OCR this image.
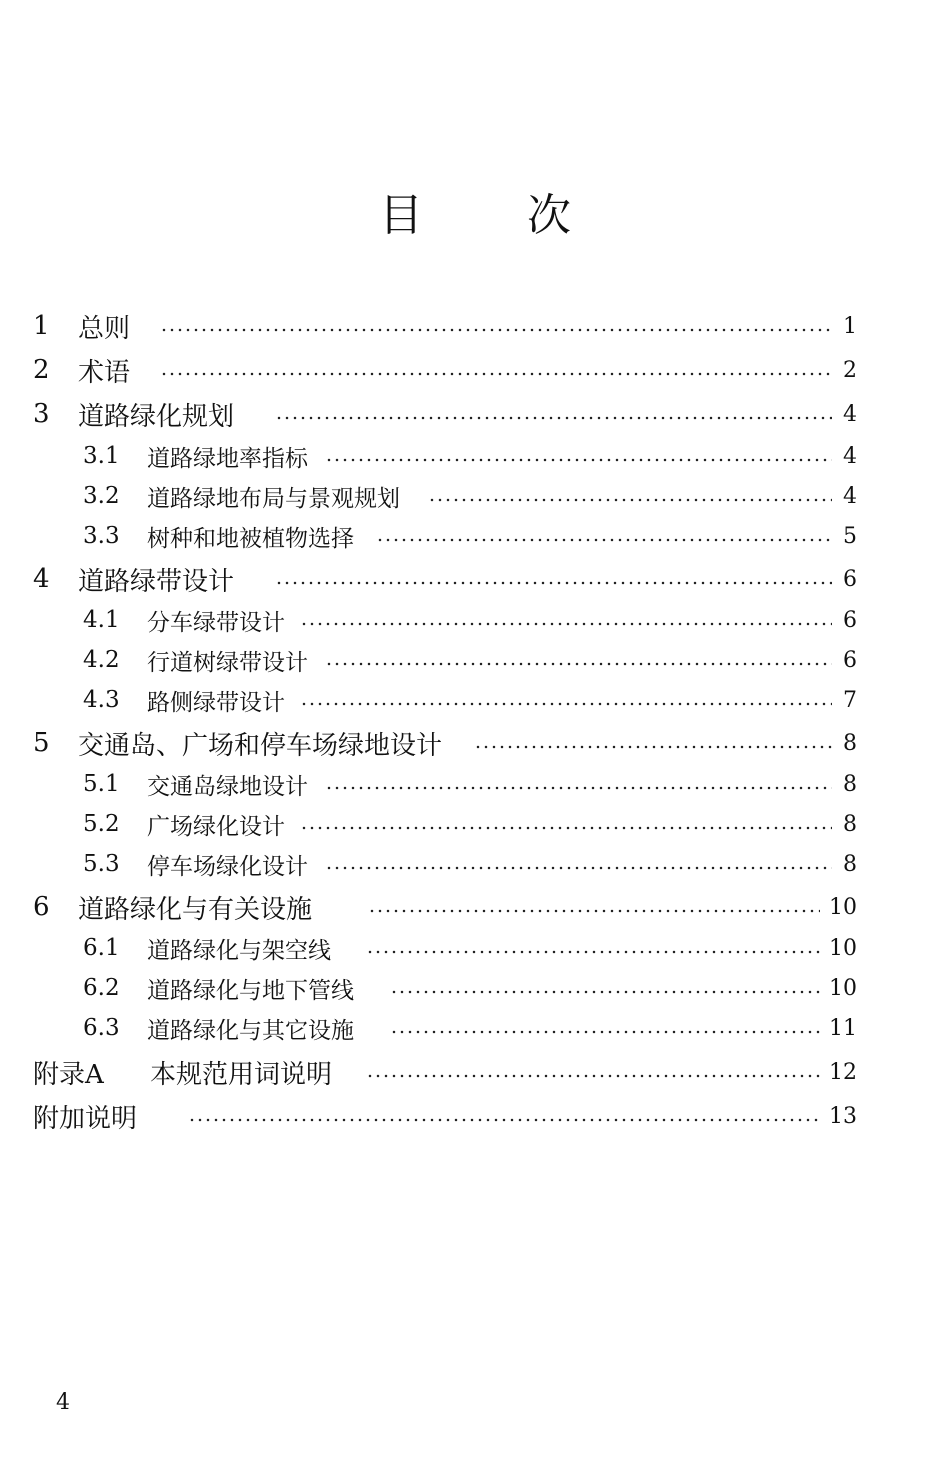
目 次
1 总则	1
2 术语	2
3 道路绿化规划	4
3.1 道路绿地率指标	4
3.2 道路绿地布局与景观规划	4
3.3 树种和地被植物选择	5
4 道路绿带设计	6
4.1 分车绿带设计	6
4.2 行道树绿带设计	6
4.3 路侧绿带设计	7
5 交通岛、广场和停车场绿地设计	8
5.1 交通岛绿地设计	8
5.2 广场绿化设计	8
5.3 停车场绿化设计	8
6 道路绿化与有关设施	10
6.1 道路绿化与架空线	10
6.2 道路绿化与地下管线	10
6.3 道路绿化与其它设施	11
附录A 本规范用词说明	12
附加说明	13
4
